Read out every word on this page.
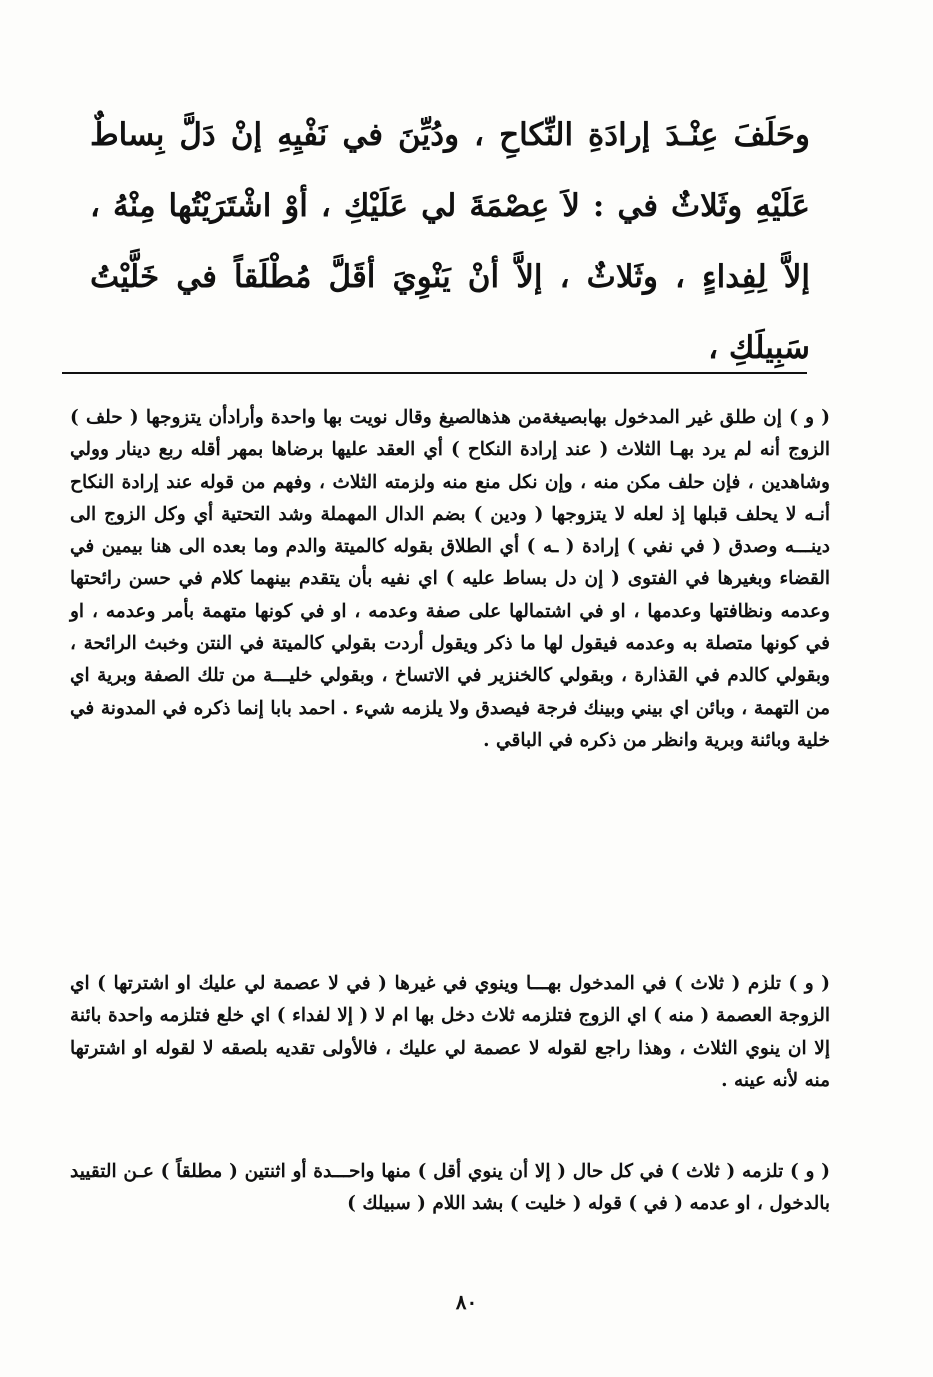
وحَلَفَ عِنْـدَ إرادَةِ النِّكاحِ ، ودُيِّنَ في نَفْيِهِ إنْ دَلَّ بِساطٌ عَلَيْهِ وثَلاثٌ في : لاَ عِصْمَةَ لي عَلَيْكِ ، أوْ اشْتَرَيْتُها مِنْهُ ، إلاَّ لِفِداءٍ ، وثَلاثٌ ، إلاَّ أنْ يَنْوِيَ أقَلَّ مُطْلَقاً في خَلَّيْتُ سَبِيلَكِ ،

( و ) إن طلق غير المدخول بهابصيغةمن هذهالصيغ وقال نويت بها واحدة وأرادأن يتزوجها ( حلف ) الزوج أنه لم يرد بهـا الثلاث ( عند إرادة النكاح ) أي العقد عليها برضاها بمهر أقله ربع دينار وولي وشاهدين ، فإن حلف مكن منه ، وإن نكل منع منه ولزمته الثلاث ، وفهم من قوله عند إرادة النكاح أنـه لا يحلف قبلها إذ لعله لا يتزوجها ( ودين ) بضم الدال المهملة وشد التحتية أي وكل الزوج الى دينـــه وصدق ( في نفي ) إرادة ( ـه ) أي الطلاق بقوله كالميتة والدم وما بعده الى هنا بيمين في القضاء وبغيرها في الفتوى ( إن دل بساط عليه ) اي نفيه بأن يتقدم بينهما كلام في حسن رائحتها وعدمه ونظافتها وعدمها ، او في اشتمالها على صفة وعدمه ، او في كونها متهمة بأمر وعدمه ، او في كونها متصلة به وعدمه فيقول لها ما ذكر ويقول أردت بقولي كالميتة في النتن وخبث الرائحة ، وبقولي كالدم في القذارة ، وبقولي كالخنزير في الاتساخ ، وبقولي خليـــة من تلك الصفة وبرية اي من التهمة ، وبائن اي بيني وبينك فرجة فيصدق ولا يلزمه شيء . احمد بابا إنما ذكره في المدونة في خلية وبائنة وبرية وانظر من ذكره في الباقي .

( و ) تلزم ( ثلاث ) في المدخول بهـــا وينوي في غيرها ( في لا عصمة لي عليك او اشترتها ) اي الزوجة العصمة ( منه ) اي الزوج فتلزمه ثلاث دخل بها ام لا ( إلا لفداء ) اي خلع فتلزمه واحدة بائنة إلا ان ينوي الثلاث ، وهذا راجع لقوله لا عصمة لي عليك ، فالأولى تقديه بلصقه لا لقوله او اشترتها منه لأنه عينه .

( و ) تلزمه ( ثلاث ) في كل حال ( إلا أن ينوي أقل ) منها واحـــدة أو اثنتين ( مطلقاً ) عـن التقييد بالدخول ، او عدمه ( في ) قوله ( خليت ) بشد اللام ( سبيلك )

٨٠
